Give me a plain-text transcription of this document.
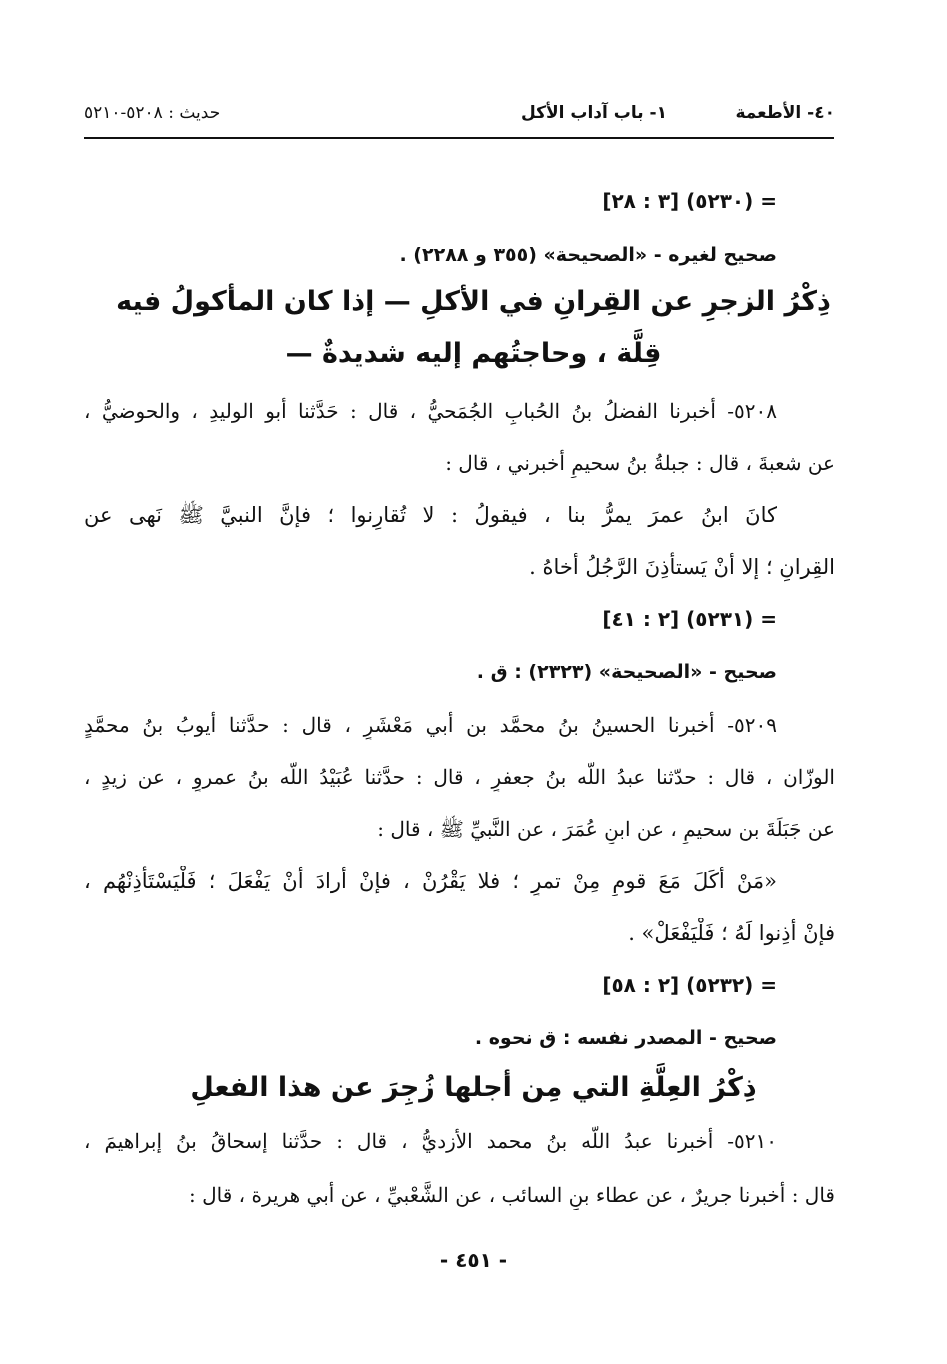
٤٠- الأطعمة
١- باب آداب الأكل
حديث : ٥٢٠٨-٥٢١٠
= (٥٢٣٠) [٣ : ٢٨]
صحيح لغيره - «الصحيحة» (٣٥٥ و ٢٢٨٨) .
ذِكْرُ الزجرِ عن القِرانِ في الأكلِ — إذا كان المأكولُ فيه
قِلَّة ، وحاجتُهم إليه شديدةٌ —
٥٢٠٨- أخبرنا الفضلُ بنُ الحُبابِ الجُمَحيُّ ، قال : حَدَّثنا أبو الوليدِ ، والحوضيُّ ،
عن شعبةَ ، قال : جبلةُ بنُ سحيمٍ أخبرني ، قال :
كانَ ابنُ عمرَ يمرُّ بنا ، فيقولُ : لا تُقارِنوا ؛ فإنَّ النبيَّ ﷺ نَهى عن
القِرانِ ؛ إلا أنْ يَستأذِنَ الرَّجُلُ أخاهُ .
= (٥٢٣١) [٢ : ٤١]
صحيح - «الصحيحة» (٢٣٢٣) : ق .
٥٢٠٩- أخبرنا الحسينُ بنُ محمَّد بن أبي مَعْشَرٍ ، قال : حدَّثنا أيوبُ بنُ محمَّدٍ
الوزّان ، قال : حدّثنا عبدُ اللّه بنُ جعفرٍ ، قال : حدَّثنا عُبَيْدُ اللّه بنُ عمروٍ ، عن زيدٍ ،
عن جَبَلَةَ بن سحيمٍ ، عن ابنِ عُمَرَ ، عن النَّبيِّ ﷺ ، قال :
«مَنْ أكَلَ مَعَ قومٍ مِنْ تمرٍ ؛ فلا يَقْرُنْ ، فإنْ أرادَ أنْ يَفْعَلَ ؛ فَلْيَسْتَأْذِنْهُم ،
فإنْ أذِنوا لَهُ ؛ فَلْيَفْعَلْ» .
= (٥٢٣٢) [٢ : ٥٨]
صحيح - المصدر نفسه : ق نحوه .
ذِكْرُ العِلَّةِ التي مِن أجلها زُجِرَ عن هذا الفعلِ
٥٢١٠- أخبرنا عبدُ اللّه بنُ محمد الأزديُّ ، قال : حدَّثنا إسحاقُ بنُ إبراهيمَ ،
قال : أخبرنا جريرٌ ، عن عطاء بنِ السائب ، عن الشَّعْبيِّ ، عن أبي هريرة ، قال :
- ٤٥١ -
